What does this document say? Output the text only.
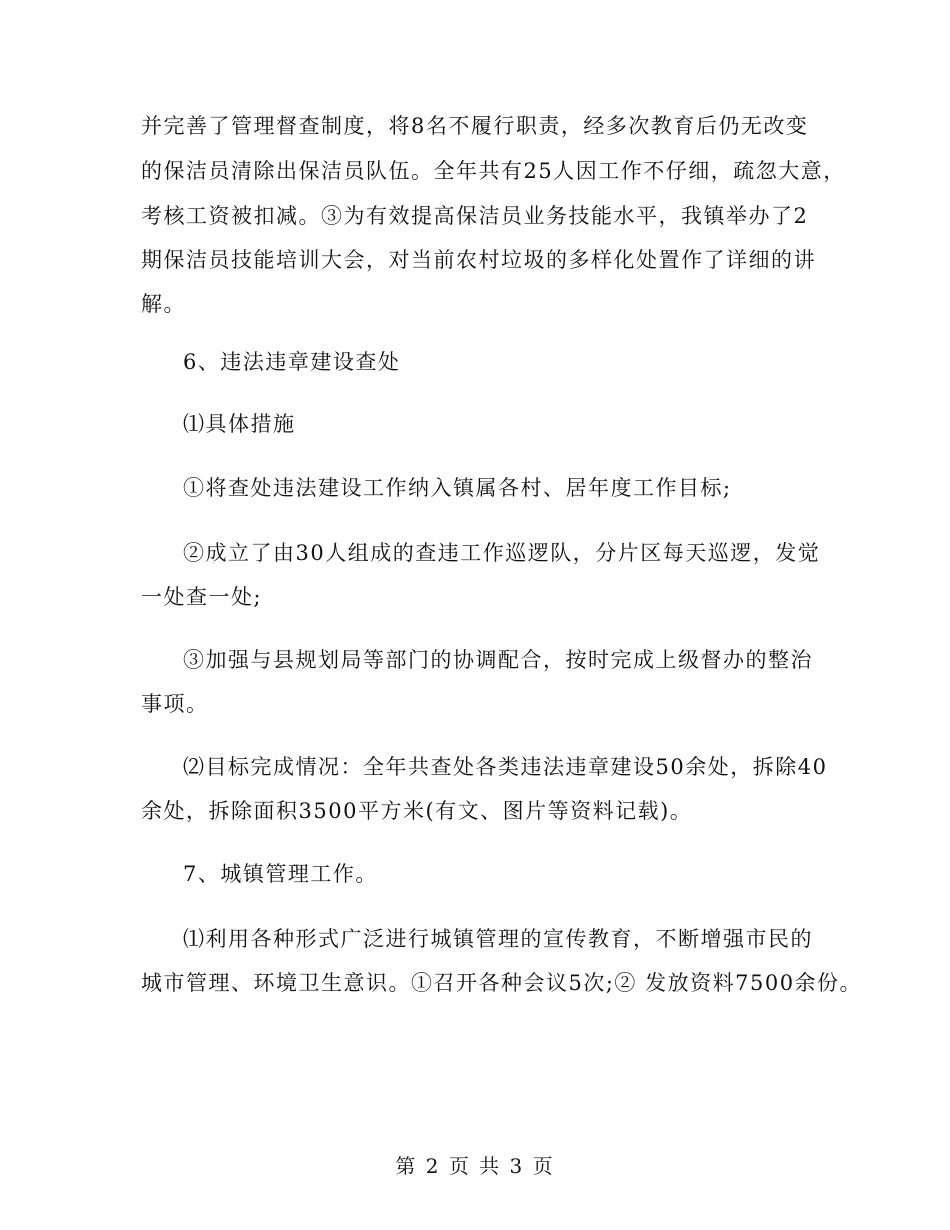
并完善了管理督查制度，将8名不履行职责，经多次教育后仍无改变
的保洁员清除出保洁员队伍。全年共有25人因工作不仔细，疏忽大意，
考核工资被扣减。③为有效提高保洁员业务技能水平，我镇举办了2
期保洁员技能培训大会，对当前农村垃圾的多样化处置作了详细的讲
解。
6、违法违章建设查处
⑴具体措施
①将查处违法建设工作纳入镇属各村、居年度工作目标;
②成立了由30人组成的查违工作巡逻队，分片区每天巡逻，发觉
一处查一处;
③加强与县规划局等部门的协调配合，按时完成上级督办的整治
事项。
⑵目标完成情况：全年共查处各类违法违章建设50余处，拆除40
余处，拆除面积3500平方米(有文、图片等资料记载)。
7、城镇管理工作。
⑴利用各种形式广泛进行城镇管理的宣传教育，不断增强市民的
城市管理、环境卫生意识。①召开各种会议5次;② 发放资料7500余份。
第 2 页 共 3 页
